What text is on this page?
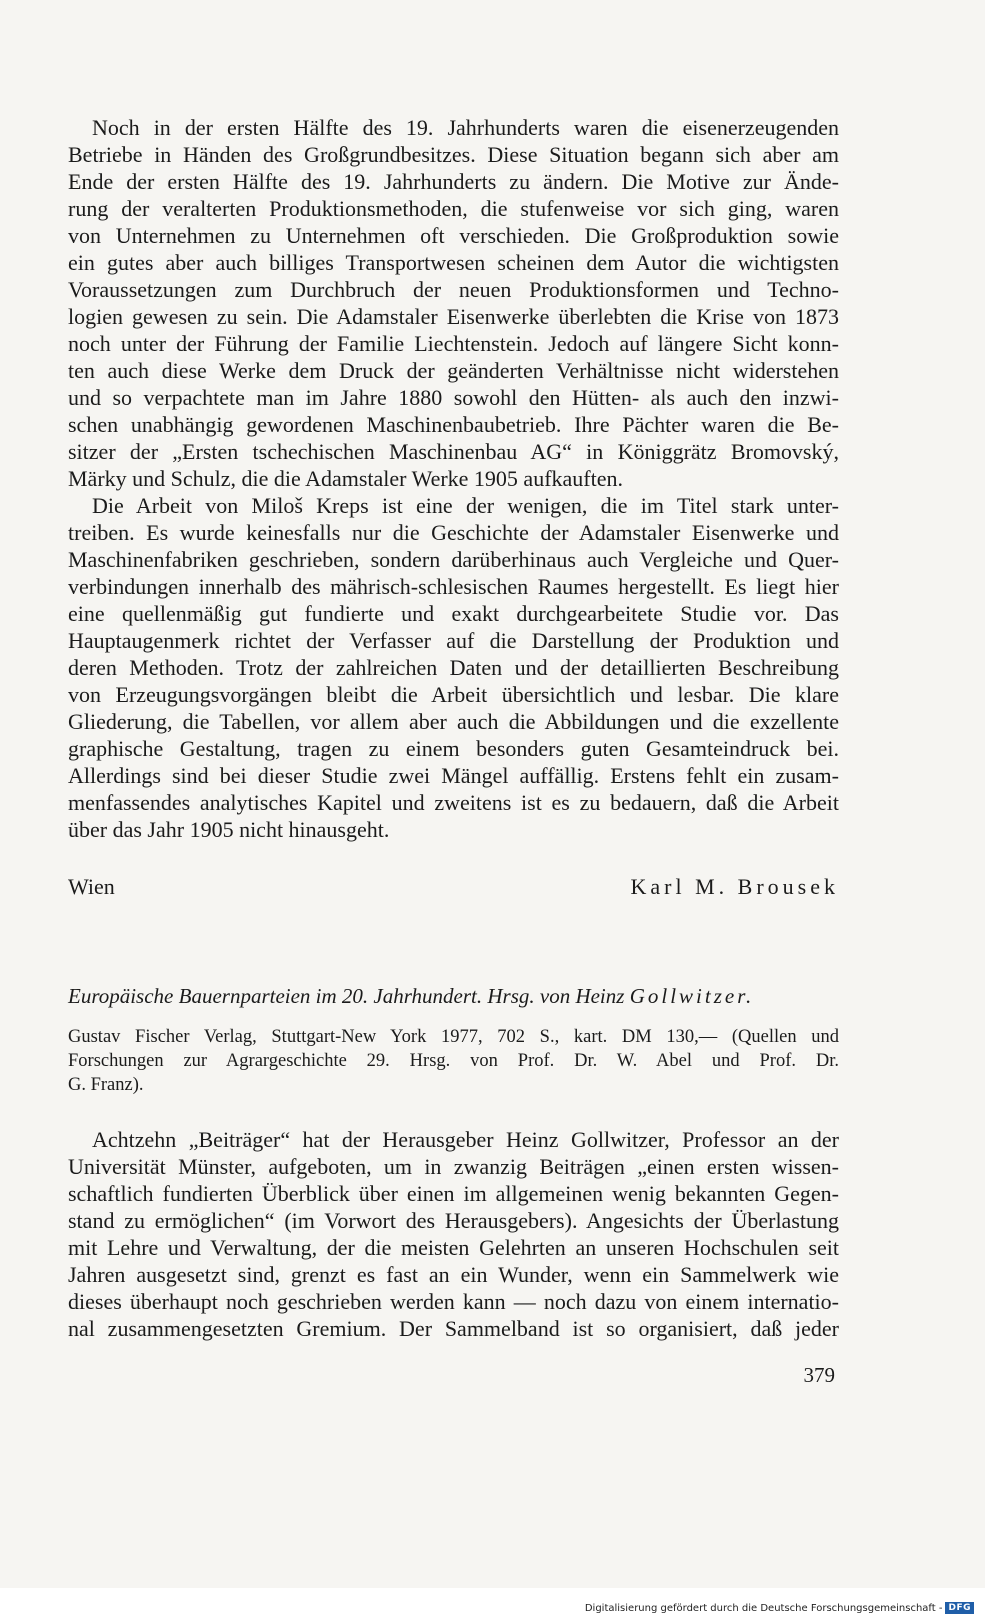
Noch in der ersten Hälfte des 19. Jahrhunderts waren die eisenerzeugenden
Betriebe in Händen des Großgrundbesitzes. Diese Situation begann sich aber am
Ende der ersten Hälfte des 19. Jahrhunderts zu ändern. Die Motive zur Ände-
rung der veralterten Produktionsmethoden, die stufenweise vor sich ging, waren
von Unternehmen zu Unternehmen oft verschieden. Die Großproduktion sowie
ein gutes aber auch billiges Transportwesen scheinen dem Autor die wichtigsten
Voraussetzungen zum Durchbruch der neuen Produktionsformen und Techno-
logien gewesen zu sein. Die Adamstaler Eisenwerke überlebten die Krise von 1873
noch unter der Führung der Familie Liechtenstein. Jedoch auf längere Sicht konn-
ten auch diese Werke dem Druck der geänderten Verhältnisse nicht widerstehen
und so verpachtete man im Jahre 1880 sowohl den Hütten- als auch den inzwi-
schen unabhängig gewordenen Maschinenbaubetrieb. Ihre Pächter waren die Be-
sitzer der „Ersten tschechischen Maschinenbau AG“ in Königgrätz Bromovský,
Märky und Schulz, die die Adamstaler Werke 1905 aufkauften.
Die Arbeit von Miloš Kreps ist eine der wenigen, die im Titel stark unter-
treiben. Es wurde keinesfalls nur die Geschichte der Adamstaler Eisenwerke und
Maschinenfabriken geschrieben, sondern darüberhinaus auch Vergleiche und Quer-
verbindungen innerhalb des mährisch-schlesischen Raumes hergestellt. Es liegt hier
eine quellenmäßig gut fundierte und exakt durchgearbeitete Studie vor. Das
Hauptaugenmerk richtet der Verfasser auf die Darstellung der Produktion und
deren Methoden. Trotz der zahlreichen Daten und der detaillierten Beschreibung
von Erzeugungsvorgängen bleibt die Arbeit übersichtlich und lesbar. Die klare
Gliederung, die Tabellen, vor allem aber auch die Abbildungen und die exzellente
graphische Gestaltung, tragen zu einem besonders guten Gesamteindruck bei.
Allerdings sind bei dieser Studie zwei Mängel auffällig. Erstens fehlt ein zusam-
menfassendes analytisches Kapitel und zweitens ist es zu bedauern, daß die Arbeit
über das Jahr 1905 nicht hinausgeht.
Wien	Karl M. Brousek
Europäische Bauernparteien im 20. Jahrhundert. Hrsg. von Heinz Gollwitzer.
Gustav Fischer Verlag, Stuttgart-New York 1977, 702 S., kart. DM 130,— (Quellen und
Forschungen zur Agrargeschichte 29. Hrsg. von Prof. Dr. W. Abel und Prof. Dr.
G. Franz).
Achtzehn „Beiträger“ hat der Herausgeber Heinz Gollwitzer, Professor an der
Universität Münster, aufgeboten, um in zwanzig Beiträgen „einen ersten wissen-
schaftlich fundierten Überblick über einen im allgemeinen wenig bekannten Gegen-
stand zu ermöglichen“ (im Vorwort des Herausgebers). Angesichts der Überlastung
mit Lehre und Verwaltung, der die meisten Gelehrten an unseren Hochschulen seit
Jahren ausgesetzt sind, grenzt es fast an ein Wunder, wenn ein Sammelwerk wie
dieses überhaupt noch geschrieben werden kann — noch dazu von einem internatio-
nal zusammengesetzten Gremium. Der Sammelband ist so organisiert, daß jeder
379
Digitalisierung gefördert durch die Deutsche Forschungsgemeinschaft - DFG
